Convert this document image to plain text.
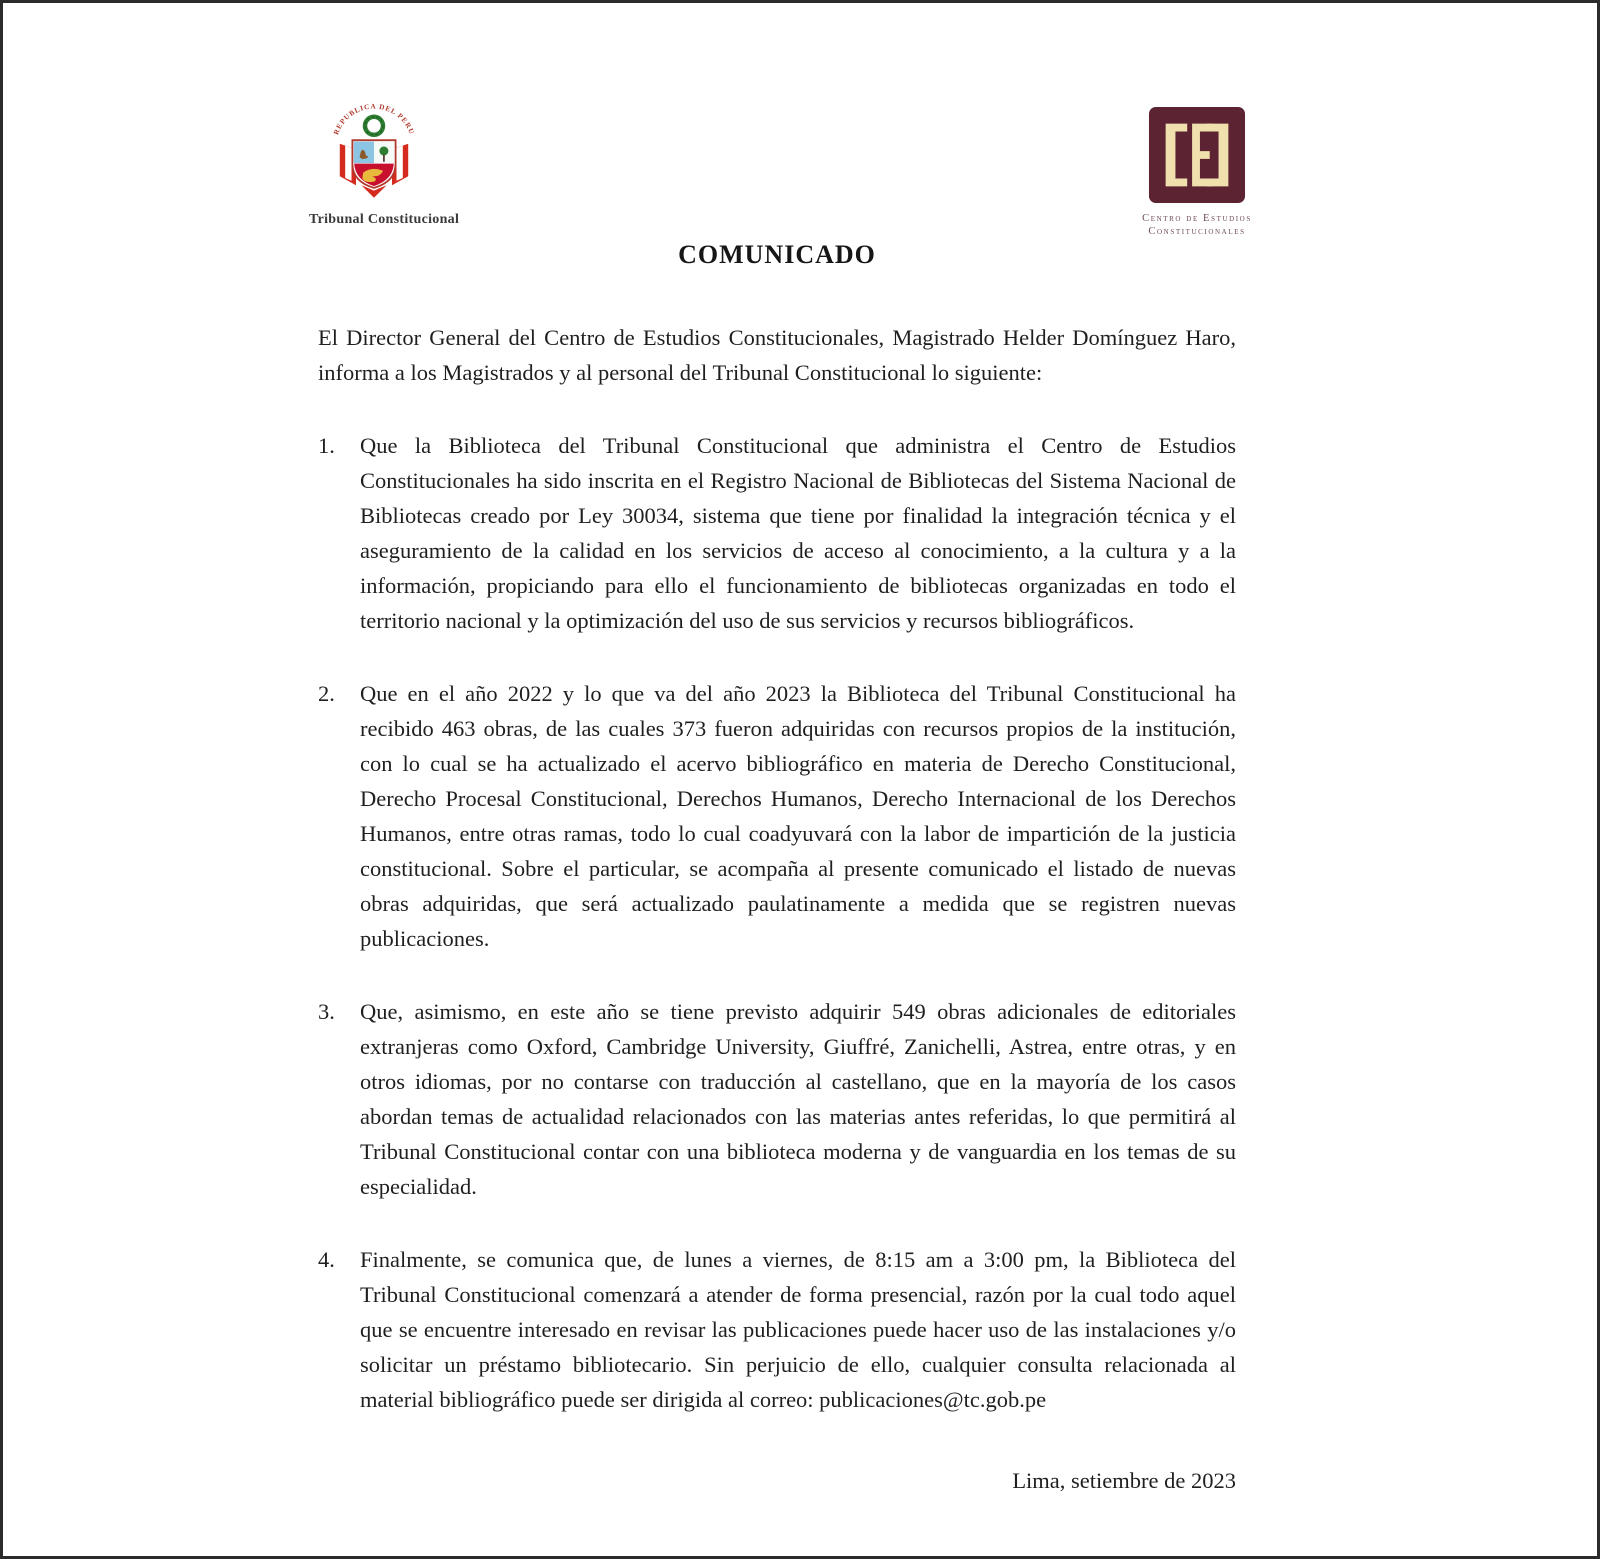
REPUBLICA DEL PERU
Tribunal Constitucional	Centro de Estudios
Constitucionales
COMUNICADO

El Director General del Centro de Estudios Constitucionales, Magistrado Helder Domínguez Haro, informa a los Magistrados y al personal del Tribunal Constitucional lo siguiente:

1.	Que la Biblioteca del Tribunal Constitucional que administra el Centro de Estudios Constitucionales ha sido inscrita en el Registro Nacional de Bibliotecas del Sistema Nacional de Bibliotecas creado por Ley 30034, sistema que tiene por finalidad la integración técnica y el aseguramiento de la calidad en los servicios de acceso al conocimiento, a la cultura y a la información, propiciando para ello el funcionamiento de bibliotecas organizadas en todo el territorio nacional y la optimización del uso de sus servicios y recursos bibliográficos.
2.	Que en el año 2022 y lo que va del año 2023 la Biblioteca del Tribunal Constitucional ha recibido 463 obras, de las cuales 373 fueron adquiridas con recursos propios de la institución, con lo cual se ha actualizado el acervo bibliográfico en materia de Derecho Constitucional, Derecho Procesal Constitucional, Derechos Humanos, Derecho Internacional de los Derechos Humanos, entre otras ramas, todo lo cual coadyuvará con la labor de impartición de la justicia constitucional. Sobre el particular, se acompaña al presente comunicado el listado de nuevas obras adquiridas, que será actualizado paulatinamente a medida que se registren nuevas publicaciones.
3.	Que, asimismo, en este año se tiene previsto adquirir 549 obras adicionales de editoriales extranjeras como Oxford, Cambridge University, Giuffré, Zanichelli, Astrea, entre otras, y en otros idiomas, por no contarse con traducción al castellano, que en la mayoría de los casos abordan temas de actualidad relacionados con las materias antes referidas, lo que permitirá al Tribunal Constitucional contar con una biblioteca moderna y de vanguardia en los temas de su especialidad.
4.	Finalmente, se comunica que, de lunes a viernes, de 8:15 am a 3:00 pm, la Biblioteca del Tribunal Constitucional comenzará a atender de forma presencial, razón por la cual todo aquel que se encuentre interesado en revisar las publicaciones puede hacer uso de las instalaciones y/o solicitar un préstamo bibliotecario. Sin perjuicio de ello, cualquier consulta relacionada al material bibliográfico puede ser dirigida al correo: publicaciones@tc.gob.pe
Lima, setiembre de 2023
